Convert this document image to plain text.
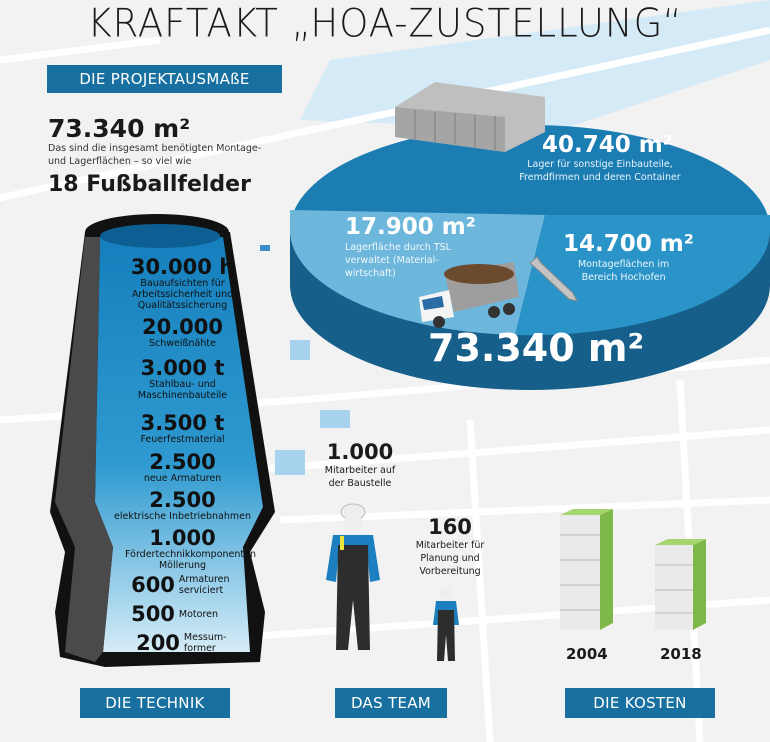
KRAFTAKT „HOA-ZUSTELLUNG“
DIE PROJEKTAUSMAßE
73.340 m²
Das sind die insgesamt benötigten Montage-
und Lagerflächen – so viel wie
18 Fußballfelder
40.740 m²
Lager für sonstige Einbauteile,
Fremdfirmen und deren Container
17.900 m²
Lagerfläche durch TSL
verwaltet (Material-
wirtschaft)
14.700 m²
Montageflächen im
Bereich Hochofen
73.340 m²
30.000 h
Bauaufsichten für Arbeitssicherheit und Qualitätssicherung
20.000
Schweißnähte
3.000 t
Stahlbau- und Maschinenbauteile
3.500 t
Feuerfestmaterial
2.500
neue Armaturen
2.500
elektrische Inbetriebnahmen
1.000
Fördertechnikkomponenten Möllerung
600 Armaturen serviciert
500 Motoren
200 Messum-former
1.000
Mitarbeiter auf
der Baustelle
160
Mitarbeiter für
Planung und
Vorbereitung
2004	2018
DIE TECHNIK	DAS TEAM	DIE KOSTEN
